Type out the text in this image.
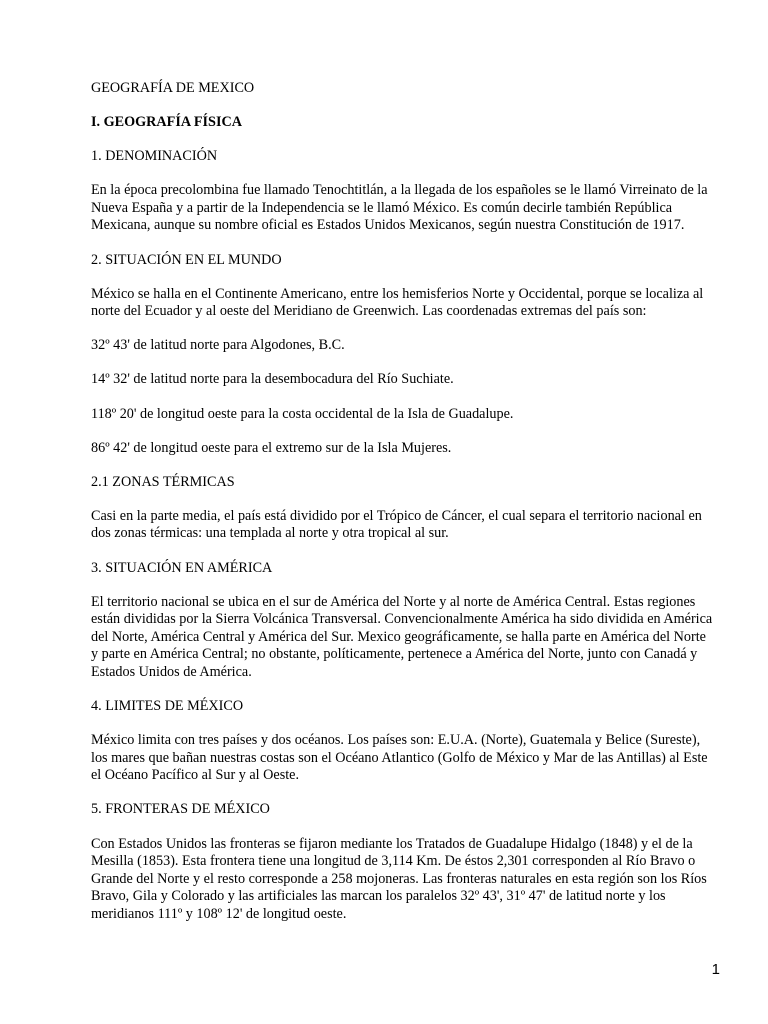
GEOGRAFÍA DE MEXICO

I. GEOGRAFÍA FÍSICA

1. DENOMINACIÓN

En la época precolombina fue llamado Tenochtitlán, a la llegada de los españoles se le llamó Virreinato de la Nueva España y a partir de la Independencia se le llamó México. Es común decirle también República Mexicana, aunque su nombre oficial es Estados Unidos Mexicanos, según nuestra Constitución de 1917.

2. SITUACIÓN EN EL MUNDO

México se halla en el Continente Americano, entre los hemisferios Norte y Occidental, porque se localiza al norte del Ecuador y al oeste del Meridiano de Greenwich. Las coordenadas extremas del país son:

32º 43' de latitud norte para Algodones, B.C.

14º 32' de latitud norte para la desembocadura del Río Suchiate.

118º 20' de longitud oeste para la costa occidental de la Isla de Guadalupe.

86º 42' de longitud oeste para el extremo sur de la Isla Mujeres.

2.1 ZONAS TÉRMICAS

Casi en la parte media, el país está dividido por el Trópico de Cáncer, el cual separa el territorio nacional en dos zonas térmicas: una templada al norte y otra tropical al sur.

3. SITUACIÓN EN AMÉRICA

El territorio nacional se ubica en el sur de América del Norte y al norte de América Central. Estas regiones están divididas por la Sierra Volcánica Transversal. Convencionalmente América ha sido dividida en América del Norte, América Central y América del Sur. Mexico geográficamente, se halla parte en América del Norte y parte en América Central; no obstante, políticamente, pertenece a América del Norte, junto con Canadá y Estados Unidos de América.

4. LIMITES DE MÉXICO

México limita con tres países y dos océanos. Los países son: E.U.A. (Norte), Guatemala y Belice (Sureste), los mares que bañan nuestras costas son el Océano Atlantico (Golfo de México y Mar de las Antillas) al Este el Océano Pacífico al Sur y al Oeste.

5. FRONTERAS DE MÉXICO

Con Estados Unidos las fronteras se fijaron mediante los Tratados de Guadalupe Hidalgo (1848) y el de la Mesilla (1853). Esta frontera tiene una longitud de 3,114 Km. De éstos 2,301 corresponden al Río Bravo o Grande del Norte y el resto corresponde a 258 mojoneras. Las fronteras naturales en esta región son los Ríos Bravo, Gila y Colorado y las artificiales las marcan los paralelos 32º 43', 31º 47' de latitud norte y los meridianos 111º y 108º 12' de longitud oeste.

1
